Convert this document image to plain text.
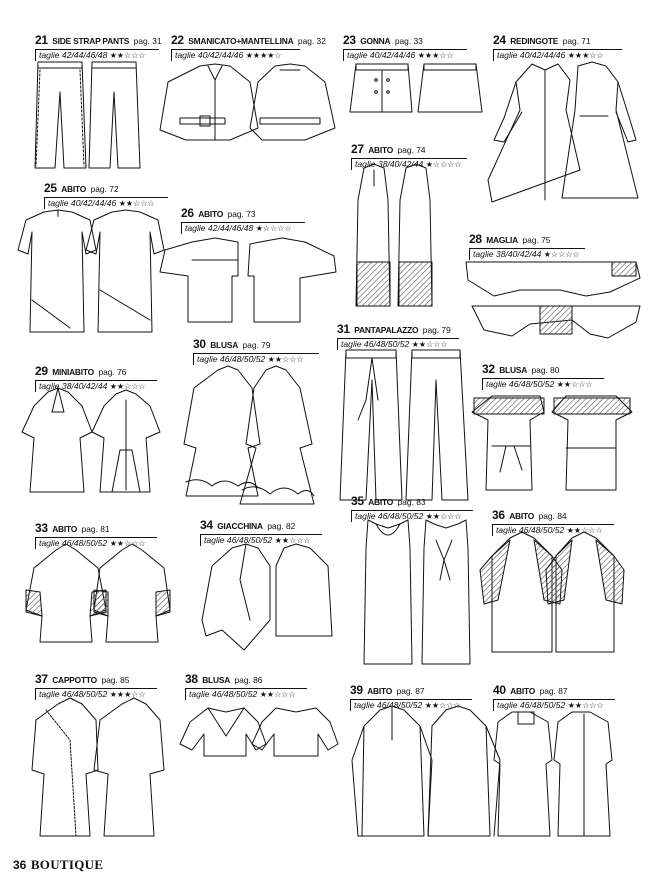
21 SIDE STRAP PANTS pag. 31
taglie 42/44/46/48 ★★☆☆☆
22 SMANICATO+MANTELLINA pag. 32
taglie 40/42/44/46 ★★★★☆
23 GONNA pag. 33
taglie 40/42/44/46 ★★★☆☆
24 REDINGOTE pag. 71
taglie 40/42/44/46 ★★★☆☆
25 ABITO pag. 72
taglie 40/42/44/46 ★★☆☆☆
26 ABITO pag. 73
taglie 42/44/46/48 ★☆☆☆☆
27 ABITO pag. 74
taglie 38/40/42/44 ★☆☆☆☆
28 MAGLIA pag. 75
taglie 38/40/42/44 ★☆☆☆☆
29 MINIABITO pag. 76
taglie 38/40/42/44 ★★☆☆☆
30 BLUSA pag. 79
taglie 46/48/50/52 ★★☆☆☆
31 PANTAPALAZZO pag. 79
taglie 46/48/50/52 ★★☆☆☆
32 BLUSA pag. 80
taglie 46/48/50/52 ★★☆☆☆
33 ABITO pag. 81
taglie 46/48/50/52 ★★☆☆☆
34 GIACCHINA pag. 82
taglie 46/48/50/52 ★★☆☆☆
35 ABITO pag. 83
taglie 46/48/50/52 ★★☆☆☆	36 ABITO pag. 84
taglie 46/48/50/52 ★★☆☆☆
37 CAPPOTTO pag. 85
taglie 46/48/50/52 ★★★☆☆
38 BLUSA pag. 86
taglie 46/48/50/52 ★★☆☆☆	39 ABITO pag. 87
taglie 46/48/50/52 ★★☆☆☆
40 ABITO pag. 87
taglie 46/48/50/52 ★★☆☆☆
36 BOUTIQUE
